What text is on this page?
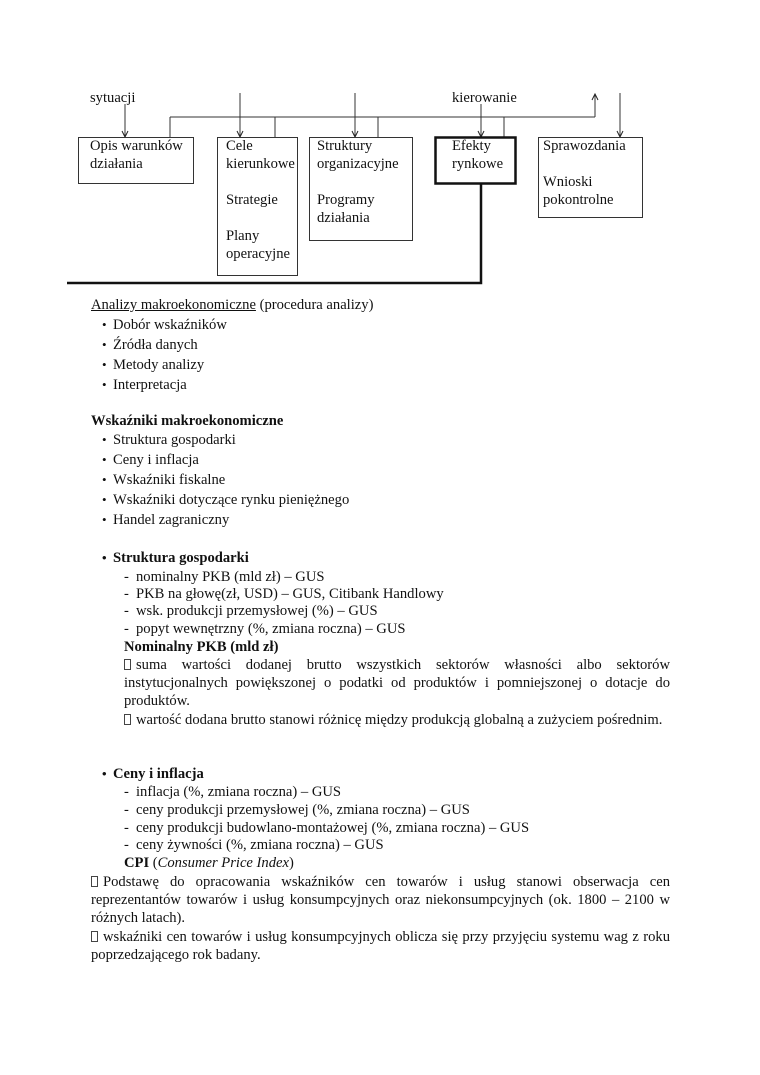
sytuacji	kierowanie
Opis warunków
działania
Cele
kierunkowe
Strategie
Plany
operacyjne
Struktury
organizacyjne
Programy
działania
Efekty
rynkowe
Sprawozdania
Wnioski
pokontrolne
Analizy makroekonomiczne (procedura analizy)
• Dobór wskaźników
• Źródła danych
• Metody analizy
• Interpretacja
Wskaźniki makroekonomiczne
• Struktura gospodarki
• Ceny i inflacja
• Wskaźniki fiskalne
• Wskaźniki dotyczące rynku pieniężnego
• Handel zagraniczny
• Struktura gospodarki
- nominalny PKB (mld zł) – GUS
- PKB na głowę(zł, USD) – GUS, Citibank Handlowy
- wsk. produkcji przemysłowej (%) – GUS
- popyt wewnętrzny (%, zmiana roczna) – GUS
Nominalny PKB (mld zł)
suma wartości dodanej brutto wszystkich sektorów własności albo sektorów instytucjonalnych powiększonej o podatki od produktów i pomniejszonej o dotacje do produktów.
wartość dodana brutto stanowi różnicę między produkcją globalną a zużyciem pośrednim.
• Ceny i inflacja
- inflacja (%, zmiana roczna) – GUS
- ceny produkcji przemysłowej (%, zmiana roczna) – GUS
- ceny produkcji budowlano-montażowej (%, zmiana roczna) – GUS
- ceny żywności (%, zmiana roczna) – GUS
CPI (Consumer Price Index)
Podstawę do opracowania wskaźników cen towarów i usług stanowi obserwacja cen reprezentantów towarów i usług konsumpcyjnych oraz niekonsumpcyjnych (ok. 1800 – 2100 w różnych latach).
wskaźniki cen towarów i usług konsumpcyjnych oblicza się przy przyjęciu systemu wag z roku poprzedzającego rok badany.
